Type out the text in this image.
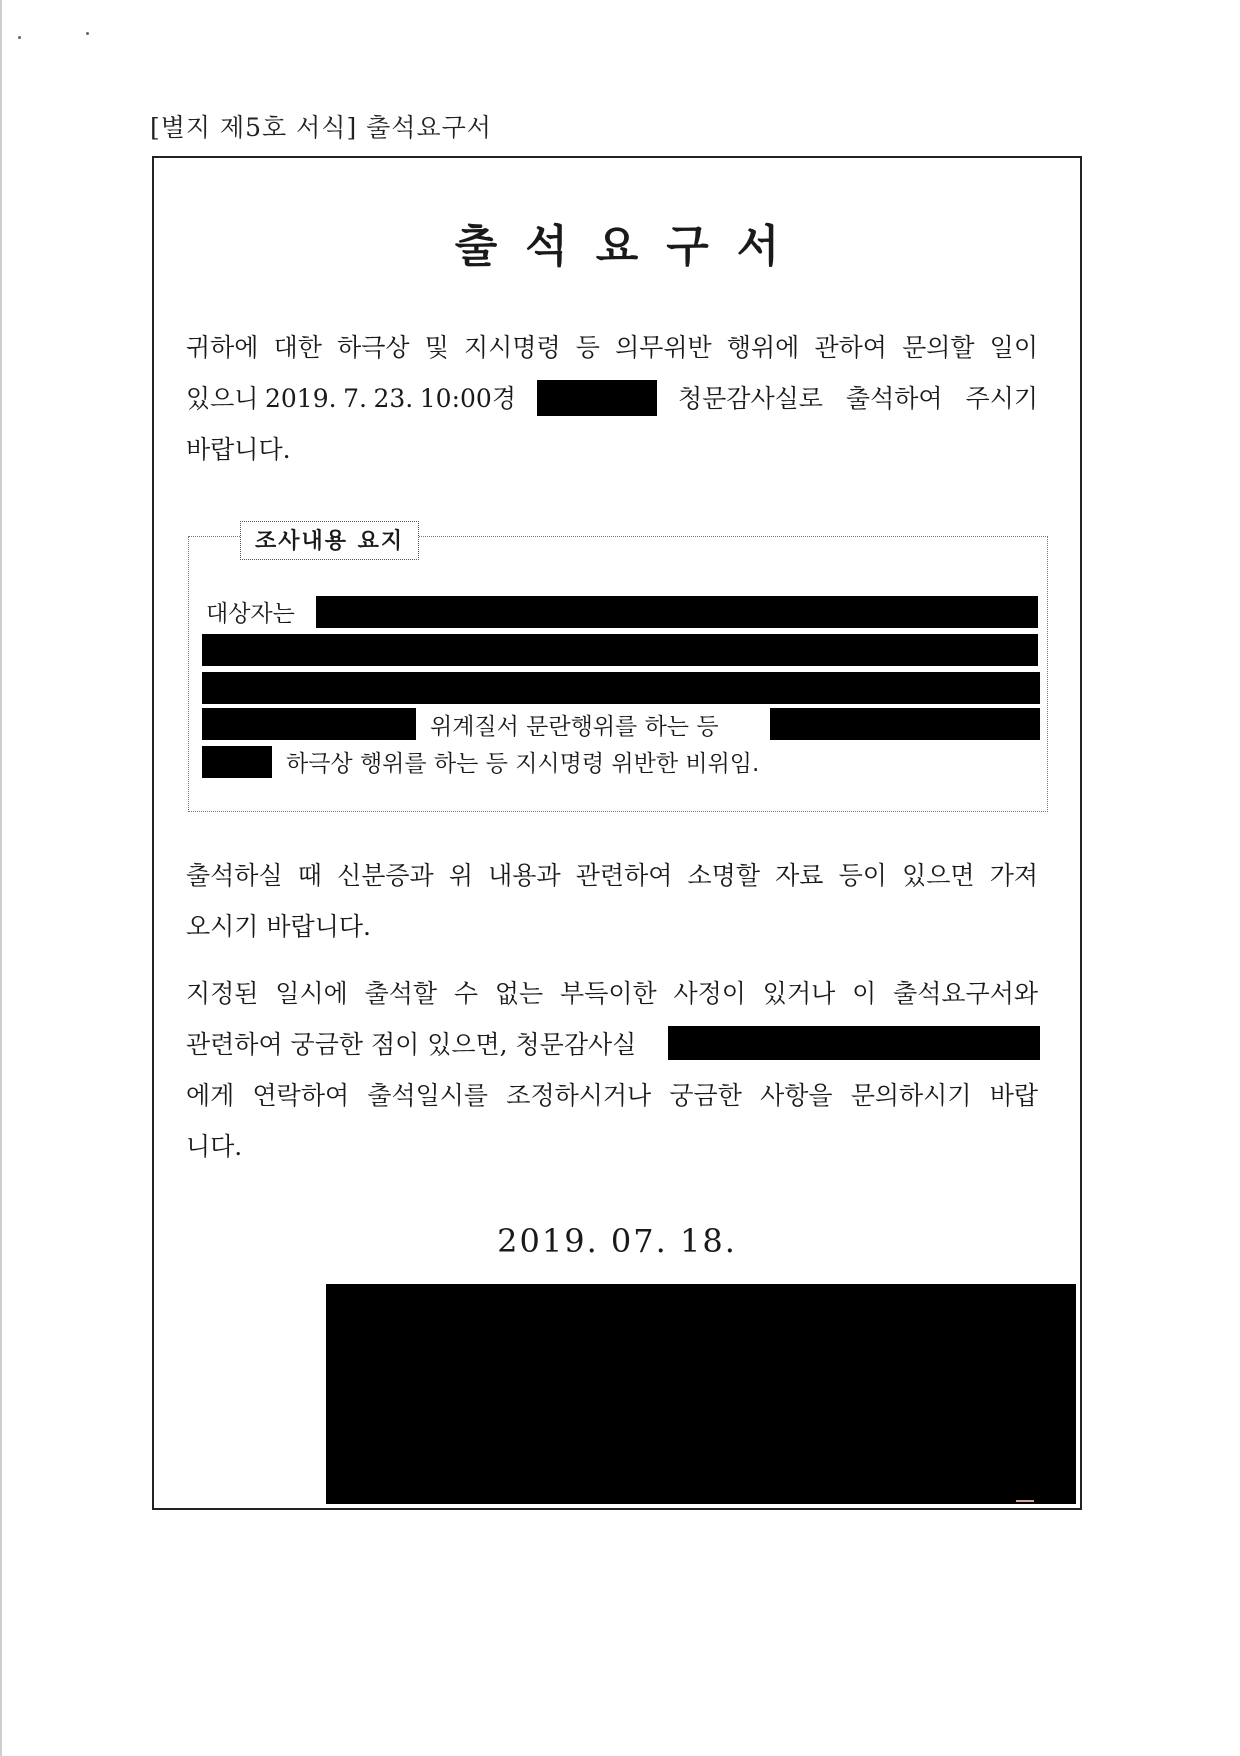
[별지 제5호 서식] 출석요구서
출석요구서
귀하에 대한 하극상 및 지시명령 등 의무위반 행위에 관하여 문의할 일이
있으니 2019. 7. 23. 10:00경	청문감사실로 출석하여 주시기
바랍니다.
조사내용 요지
대상자는
위계질서 문란행위를 하는 등
하극상 행위를 하는 등 지시명령 위반한 비위임.
출석하실 때 신분증과 위 내용과 관련하여 소명할 자료 등이 있으면 가져
오시기 바랍니다.
지정된 일시에 출석할 수 없는 부득이한 사정이 있거나 이 출석요구서와
관련하여 궁금한 점이 있으면, 청문감사실
에게 연락하여 출석일시를 조정하시거나 궁금한 사항을 문의하시기 바랍
니다.
2019. 07. 18.
